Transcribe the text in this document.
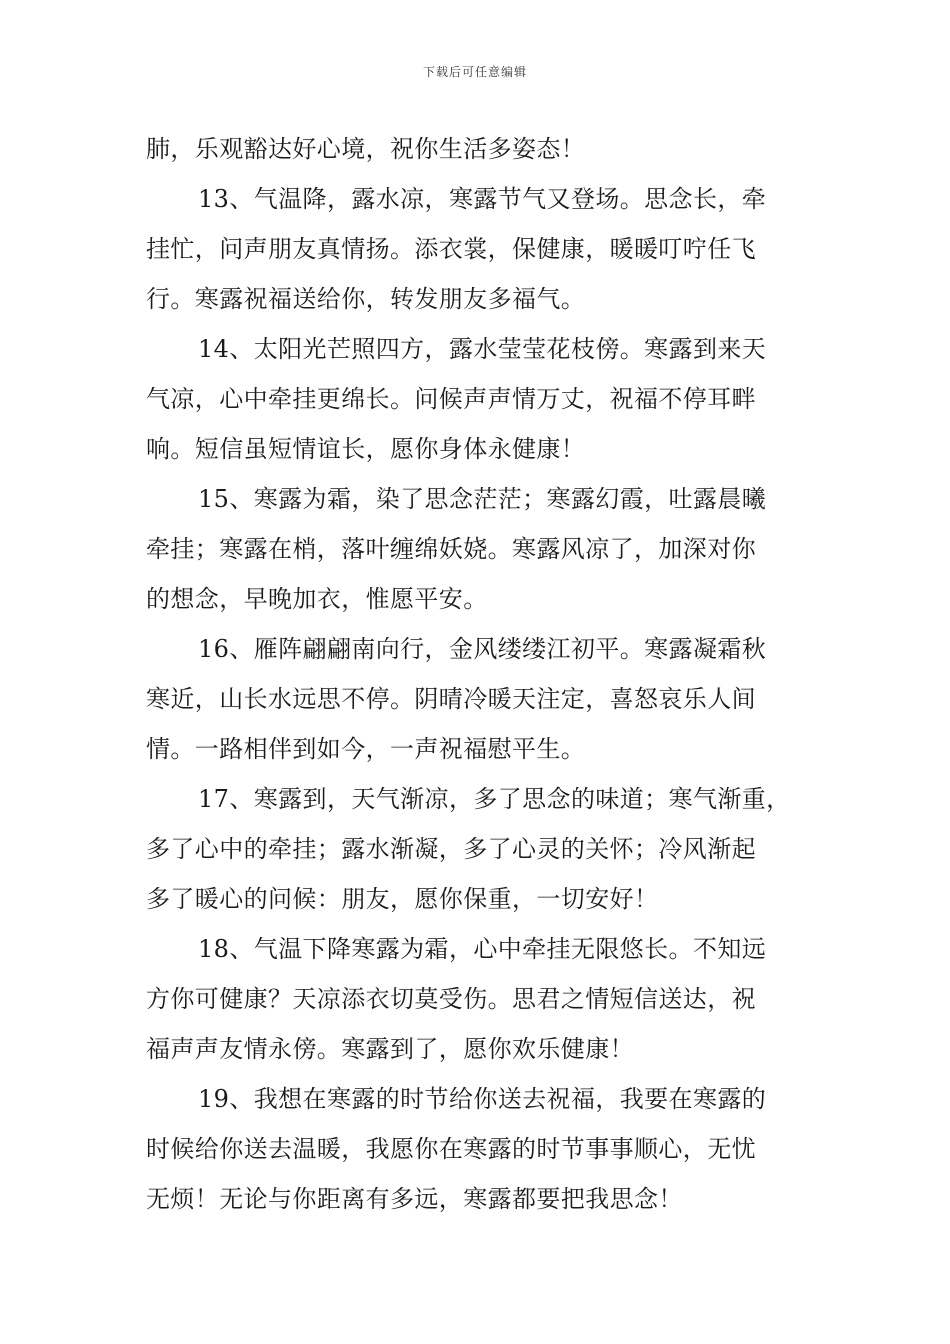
下载后可任意编辑
肺，乐观豁达好心境，祝你生活多姿态！
13、气温降，露水凉，寒露节气又登场。思念长，牵
挂忙，问声朋友真情扬。添衣裳，保健康，暖暖叮咛任飞
行。寒露祝福送给你，转发朋友多福气。
14、太阳光芒照四方，露水莹莹花枝傍。寒露到来天
气凉，心中牵挂更绵长。问候声声情万丈，祝福不停耳畔
响。短信虽短情谊长，愿你身体永健康！
15、寒露为霜，染了思念茫茫；寒露幻霞，吐露晨曦
牵挂；寒露在梢，落叶缠绵妖娆。寒露风凉了，加深对你
的想念，早晚加衣，惟愿平安。
16、雁阵翩翩南向行，金风缕缕江初平。寒露凝霜秋
寒近，山长水远思不停。阴晴冷暖天注定，喜怒哀乐人间
情。一路相伴到如今，一声祝福慰平生。
17、寒露到，天气渐凉，多了思念的味道；寒气渐重，
多了心中的牵挂；露水渐凝，多了心灵的关怀；冷风渐起
多了暖心的问候：朋友，愿你保重，一切安好！
18、气温下降寒露为霜，心中牵挂无限悠长。不知远
方你可健康？天凉添衣切莫受伤。思君之情短信送达，祝
福声声友情永傍。寒露到了，愿你欢乐健康！
19、我想在寒露的时节给你送去祝福，我要在寒露的
时候给你送去温暖，我愿你在寒露的时节事事顺心，无忧
无烦！无论与你距离有多远，寒露都要把我思念！
